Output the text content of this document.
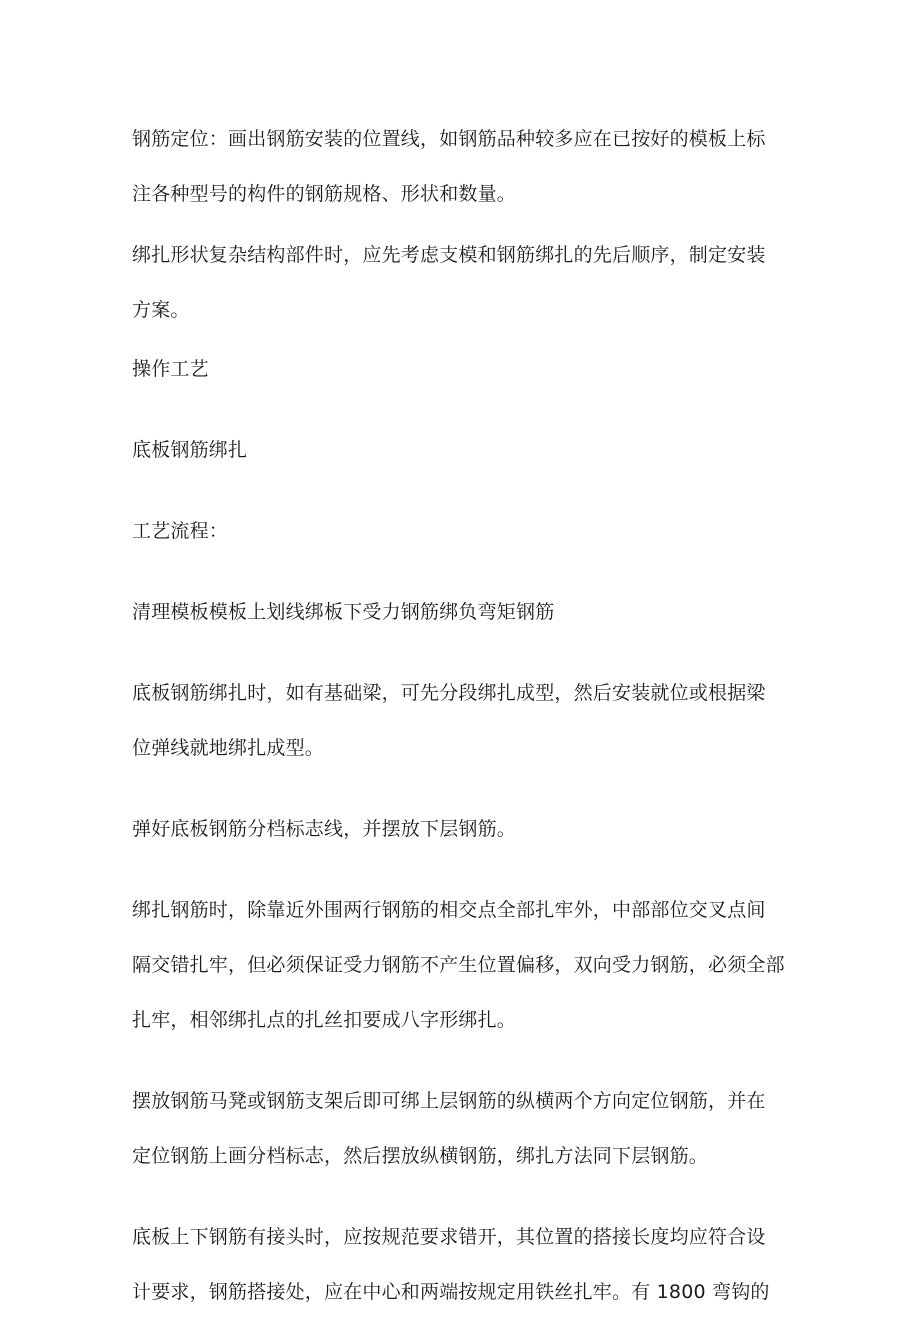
钢筋定位：画出钢筋安装的位置线，如钢筋品种较多应在已按好的模板上标
注各种型号的构件的钢筋规格、形状和数量。

绑扎形状复杂结构部件时，应先考虑支模和钢筋绑扎的先后顺序，制定安装
方案。

操作工艺

底板钢筋绑扎

工艺流程：

清理模板模板上划线绑板下受力钢筋绑负弯矩钢筋

底板钢筋绑扎时，如有基础梁，可先分段绑扎成型，然后安装就位或根据梁
位弹线就地绑扎成型。

弹好底板钢筋分档标志线，并摆放下层钢筋。

绑扎钢筋时，除靠近外围两行钢筋的相交点全部扎牢外，中部部位交叉点间
隔交错扎牢，但必须保证受力钢筋不产生位置偏移，双向受力钢筋，必须全部
扎牢，相邻绑扎点的扎丝扣要成八字形绑扎。

摆放钢筋马凳或钢筋支架后即可绑上层钢筋的纵横两个方向定位钢筋，并在
定位钢筋上画分档标志，然后摆放纵横钢筋，绑扎方法同下层钢筋。

底板上下钢筋有接头时，应按规范要求错开，其位置的搭接长度均应符合设
计要求，钢筋搭接处，应在中心和两端按规定用铁丝扎牢。有 1800 弯钩的
